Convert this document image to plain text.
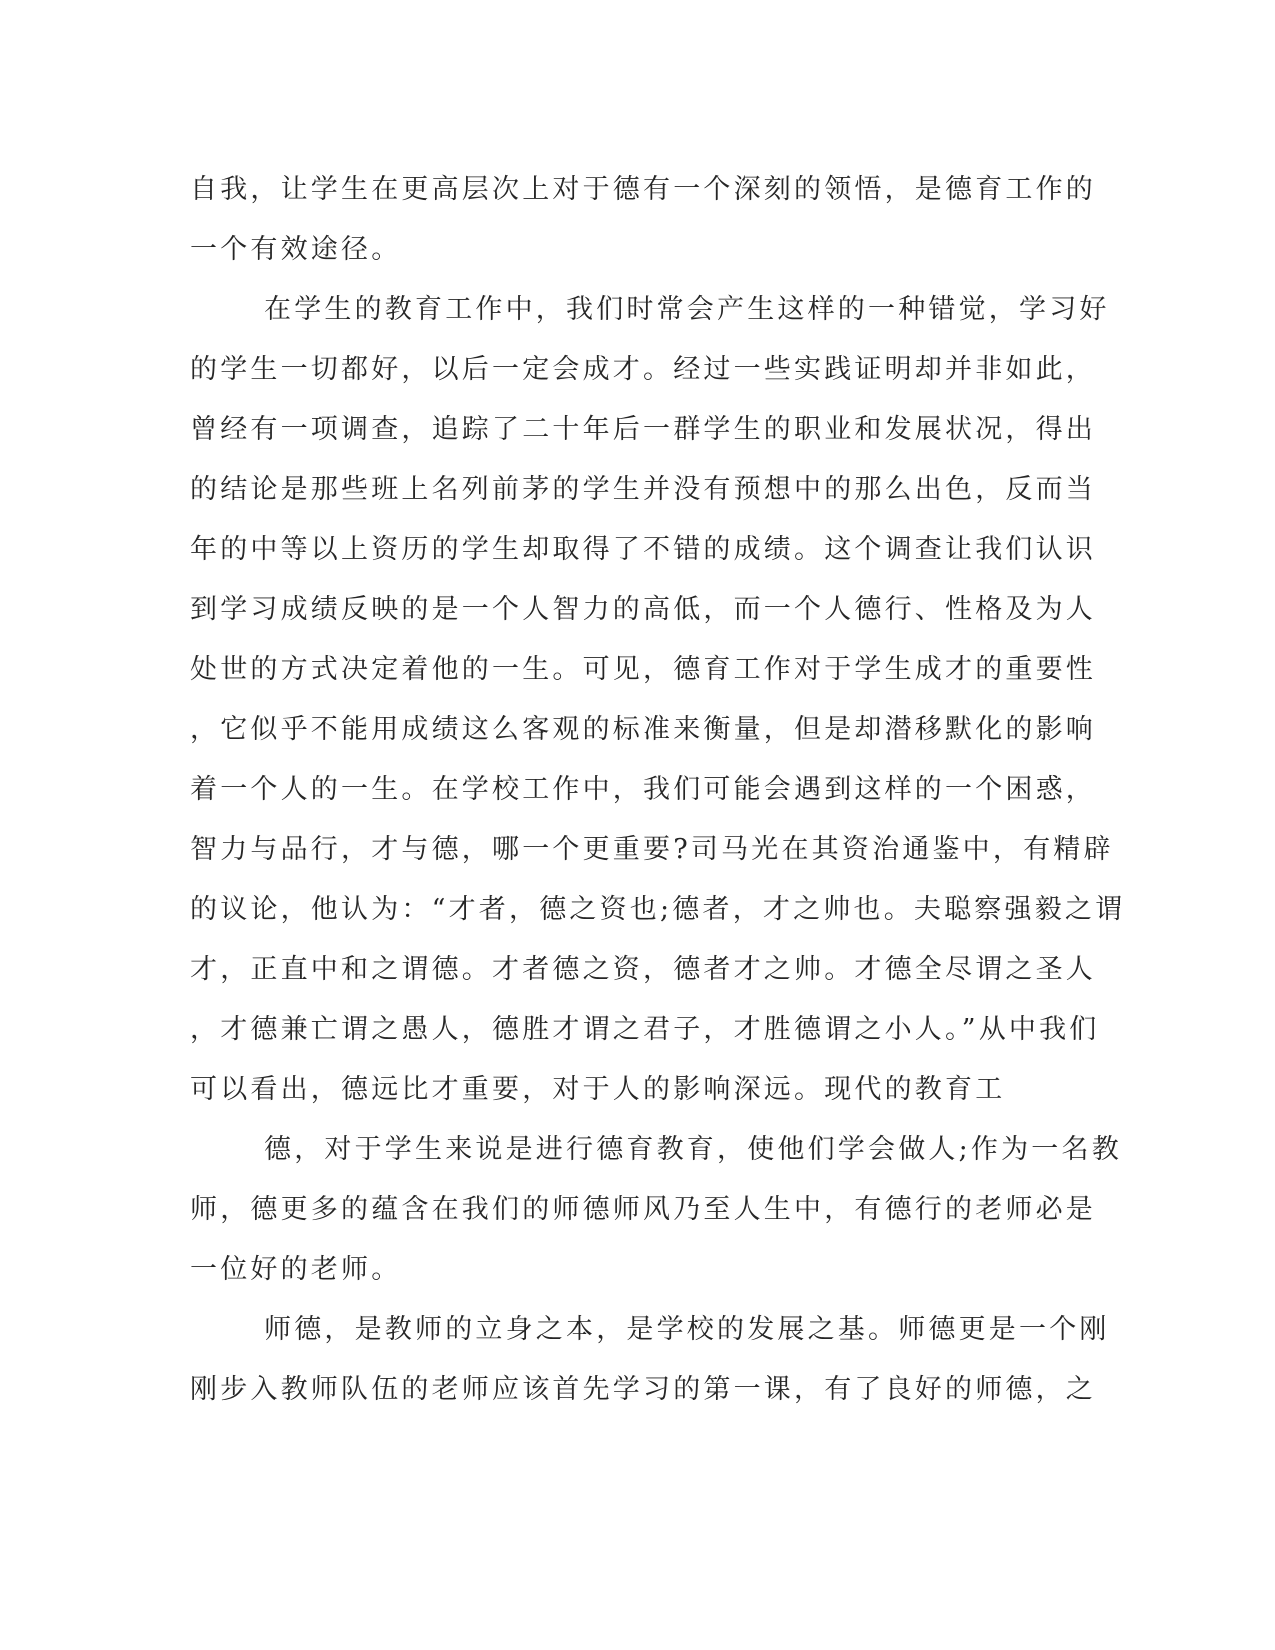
自我，让学生在更高层次上对于德有一个深刻的领悟，是德育工作的
一个有效途径。
在学生的教育工作中，我们时常会产生这样的一种错觉，学习好
的学生一切都好，以后一定会成才。经过一些实践证明却并非如此，
曾经有一项调查，追踪了二十年后一群学生的职业和发展状况，得出
的结论是那些班上名列前茅的学生并没有预想中的那么出色，反而当
年的中等以上资历的学生却取得了不错的成绩。这个调查让我们认识
到学习成绩反映的是一个人智力的高低，而一个人德行、性格及为人
处世的方式决定着他的一生。可见，德育工作对于学生成才的重要性
，它似乎不能用成绩这么客观的标准来衡量，但是却潜移默化的影响
着一个人的一生。在学校工作中，我们可能会遇到这样的一个困惑，
智力与品行，才与德，哪一个更重要?司马光在其资治通鉴中，有精辟
的议论，他认为：“才者，德之资也;德者，才之帅也。夫聪察强毅之谓
才，正直中和之谓德。才者德之资，德者才之帅。才德全尽谓之圣人
，才德兼亡谓之愚人，德胜才谓之君子，才胜德谓之小人。”从中我们
可以看出，德远比才重要，对于人的影响深远。现代的教育工
德，对于学生来说是进行德育教育，使他们学会做人;作为一名教
师，德更多的蕴含在我们的师德师风乃至人生中，有德行的老师必是
一位好的老师。
师德，是教师的立身之本，是学校的发展之基。师德更是一个刚
刚步入教师队伍的老师应该首先学习的第一课，有了良好的师德，之
